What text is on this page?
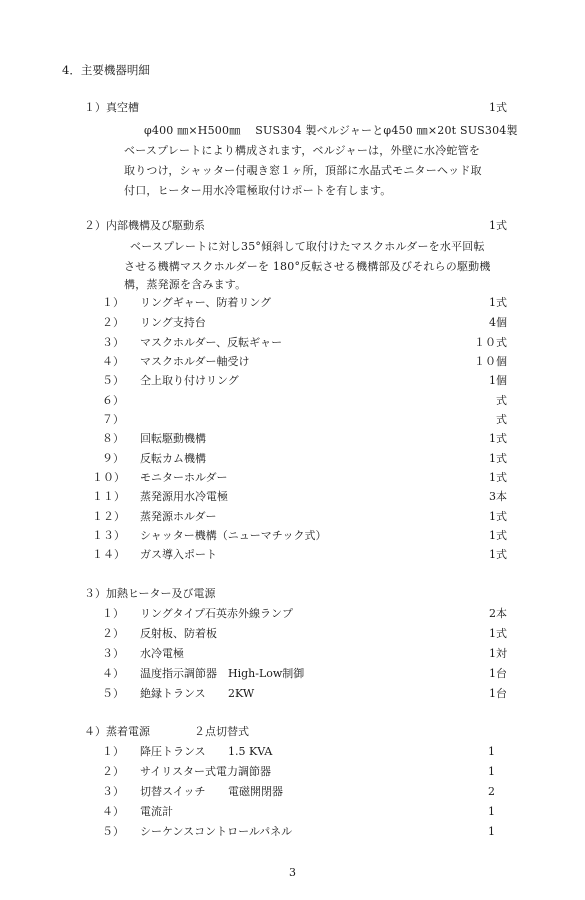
4．主要機器明細
１）真空槽	1式
φ400 ㎜×H500㎜　 SUS304 製ベルジャーとφ450 ㎜×20t SUS304製
ベースプレートにより構成されます，ベルジャーは，外壁に水冷蛇管を
取りつけ，シャッター付覗き窓１ヶ所，頂部に水晶式モニターヘッド取
付口，ヒーター用水冷電極取付けポートを有します。
２）内部機構及び駆動系	1式
ベースプレートに対し35°傾斜して取付けたマスクホルダーを水平回転
させる機構マスクホルダーを 180°反転させる機構部及びそれらの駆動機
構，蒸発源を含みます。
１） リングギャー、防着リング	1式
２） リング支持台	4個
３） マスクホルダー、反転ギャー	１０式
４） マスクホルダー軸受け	１０個
５） 仝上取り付けリング	1個
６）	式
７）	式
８） 回転駆動機構	1式
９） 反転カム機構	1式
１０） モニターホルダー	1式
１１） 蒸発源用水冷電極	3本
１２） 蒸発源ホルダー	1式
１３） シャッター機構（ニューマチック式）	1式
１４） ガス導入ポート	1式
３）加熱ヒーター及び電源
１） リングタイプ石英赤外線ランプ	2本
２） 反射板、防着板	1式
３） 水冷電極	1対
４） 温度指示調節器 High-Low制御	1台
５） 絶縁トランス 2KW	1台
４）蒸着電源	２点切替式
１） 降圧トランス 1.5 KVA	1
２） サイリスター式電力調節器	1
３） 切替スイッチ 電磁開閉器	2
４） 電流計	1
５） シーケンスコントロールパネル	1
3
